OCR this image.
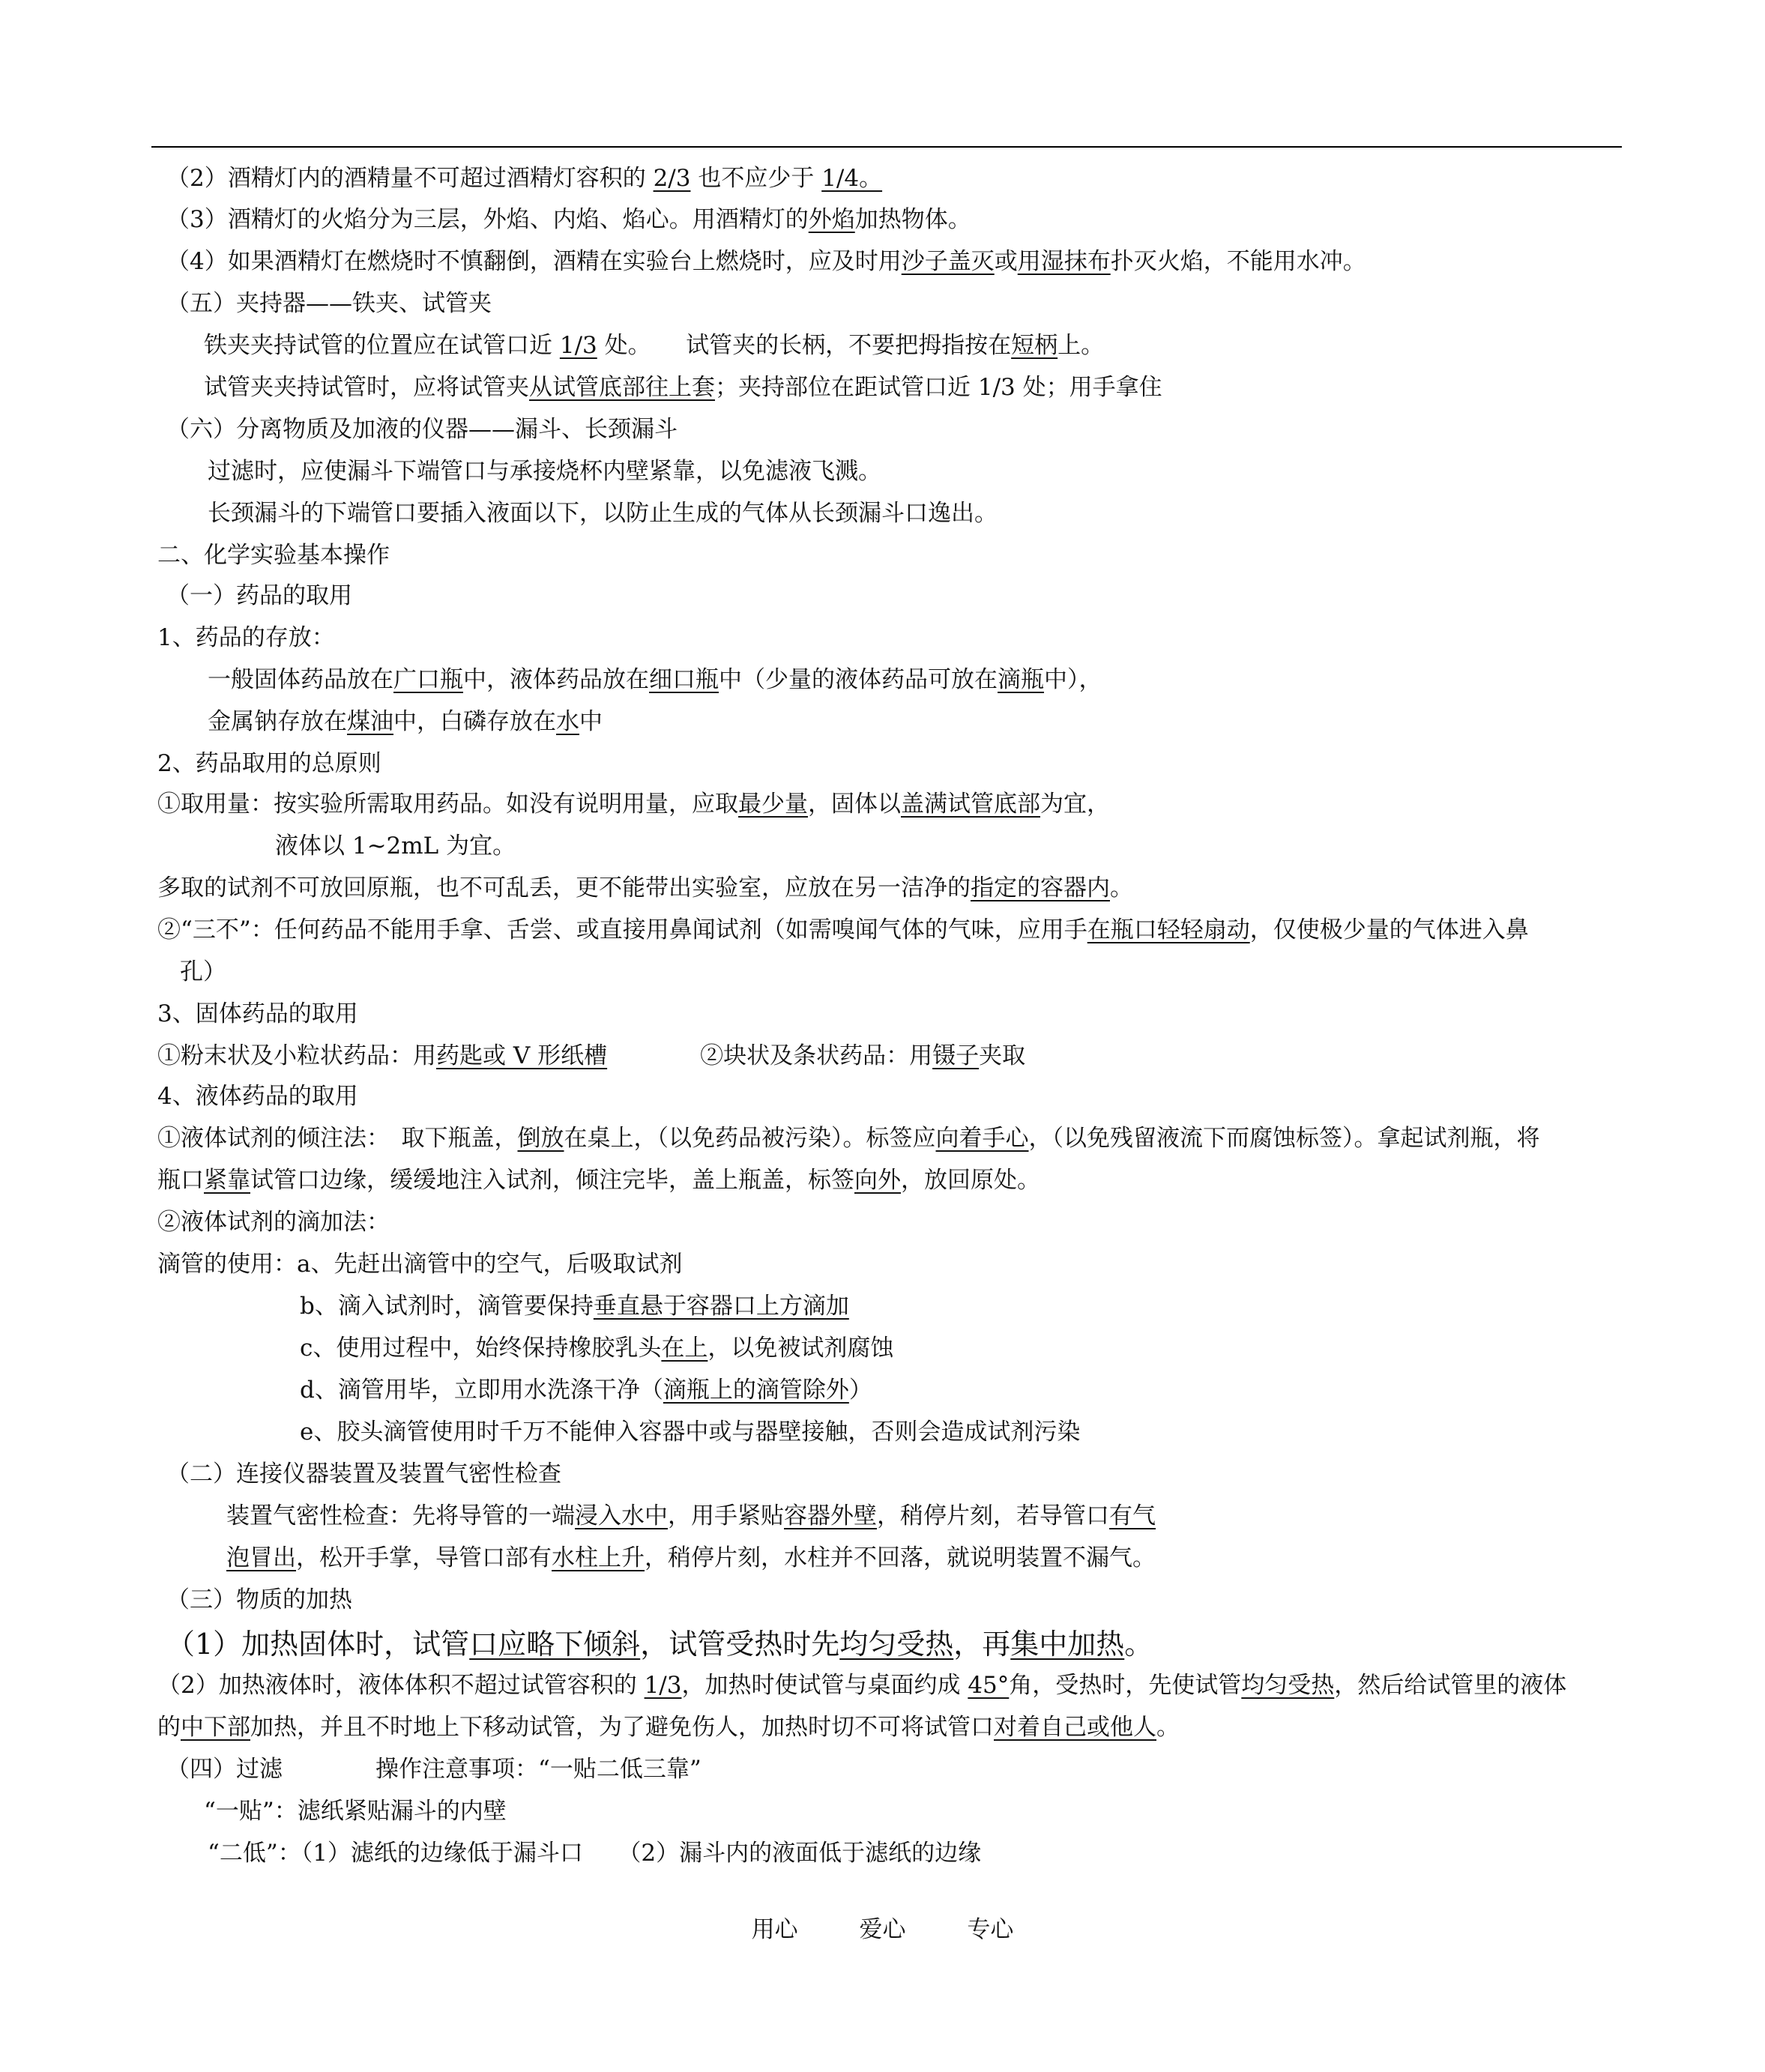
（2）酒精灯内的酒精量不可超过酒精灯容积的 2/3 也不应少于 1/4。
（3）酒精灯的火焰分为三层，外焰、内焰、焰心。用酒精灯的外焰加热物体。
（4）如果酒精灯在燃烧时不慎翻倒，酒精在实验台上燃烧时，应及时用沙子盖灭或用湿抹布扑灭火焰，不能用水冲。
（五）夹持器——铁夹、试管夹
铁夹夹持试管的位置应在试管口近 1/3 处。　　试管夹的长柄，不要把拇指按在短柄上。
试管夹夹持试管时，应将试管夹从试管底部往上套；夹持部位在距试管口近 1/3 处；用手拿住
（六）分离物质及加液的仪器——漏斗、长颈漏斗
过滤时，应使漏斗下端管口与承接烧杯内壁紧靠，以免滤液飞溅。
长颈漏斗的下端管口要插入液面以下，以防止生成的气体从长颈漏斗口逸出。
二、化学实验基本操作
（一）药品的取用
1、药品的存放：
一般固体药品放在广口瓶中，液体药品放在细口瓶中（少量的液体药品可放在滴瓶中），
金属钠存放在煤油中，白磷存放在水中
2、药品取用的总原则
①取用量：按实验所需取用药品。如没有说明用量，应取最少量，固体以盖满试管底部为宜，
液体以 1~2mL 为宜。
多取的试剂不可放回原瓶，也不可乱丢，更不能带出实验室，应放在另一洁净的指定的容器内。
②“三不”：任何药品不能用手拿、舌尝、或直接用鼻闻试剂（如需嗅闻气体的气味，应用手在瓶口轻轻扇动，仅使极少量的气体进入鼻
孔）
3、固体药品的取用
①粉末状及小粒状药品：用药匙或 V 形纸槽　　　　②块状及条状药品：用镊子夹取
4、液体药品的取用
①液体试剂的倾注法：　取下瓶盖，倒放在桌上，（以免药品被污染）。标签应向着手心，（以免残留液流下而腐蚀标签）。拿起试剂瓶，将
瓶口紧靠试管口边缘，缓缓地注入试剂，倾注完毕，盖上瓶盖，标签向外，放回原处。
②液体试剂的滴加法：
滴管的使用：a、先赶出滴管中的空气，后吸取试剂
b、滴入试剂时，滴管要保持垂直悬于容器口上方滴加
c、使用过程中，始终保持橡胶乳头在上，以免被试剂腐蚀
d、滴管用毕，立即用水洗涤干净（滴瓶上的滴管除外）
e、胶头滴管使用时千万不能伸入容器中或与器壁接触，否则会造成试剂污染
（二）连接仪器装置及装置气密性检查
装置气密性检查：先将导管的一端浸入水中，用手紧贴容器外壁，稍停片刻，若导管口有气
泡冒出，松开手掌，导管口部有水柱上升，稍停片刻，水柱并不回落，就说明装置不漏气。
（三）物质的加热
（1）加热固体时，试管口应略下倾斜，试管受热时先均匀受热，再集中加热。
（2）加热液体时，液体体积不超过试管容积的 1/3，加热时使试管与桌面约成 45°角，受热时，先使试管均匀受热，然后给试管里的液体
的中下部加热，并且不时地上下移动试管，为了避免伤人，加热时切不可将试管口对着自己或他人。
（四）过滤　　　　操作注意事项：“一贴二低三靠”
“一贴”：滤纸紧贴漏斗的内壁
“二低”：（1）滤纸的边缘低于漏斗口　　（2）漏斗内的液面低于滤纸的边缘
用心	爱心	专心
